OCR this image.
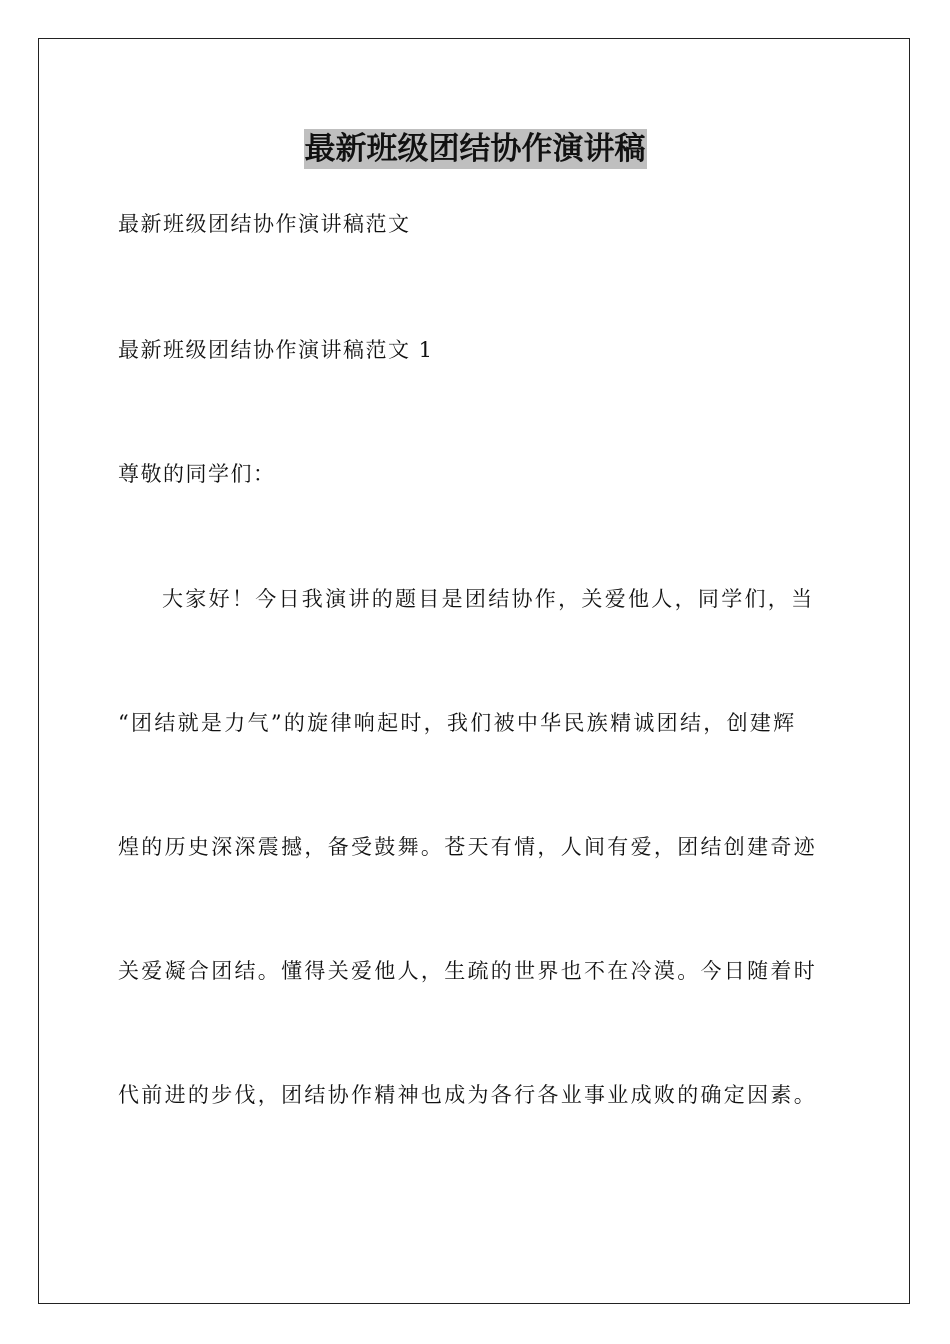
最新班级团结协作演讲稿

最新班级团结协作演讲稿范文

最新班级团结协作演讲稿范文 1

尊敬的同学们：

大家好！今日我演讲的题目是团结协作，关爱他人，同学们，当

“团结就是力气”的旋律响起时，我们被中华民族精诚团结，创建辉

煌的历史深深震撼，备受鼓舞。苍天有情，人间有爱，团结创建奇迹

关爱凝合团结。懂得关爱他人，生疏的世界也不在冷漠。今日随着时

代前进的步伐，团结协作精神也成为各行各业事业成败的确定因素。
